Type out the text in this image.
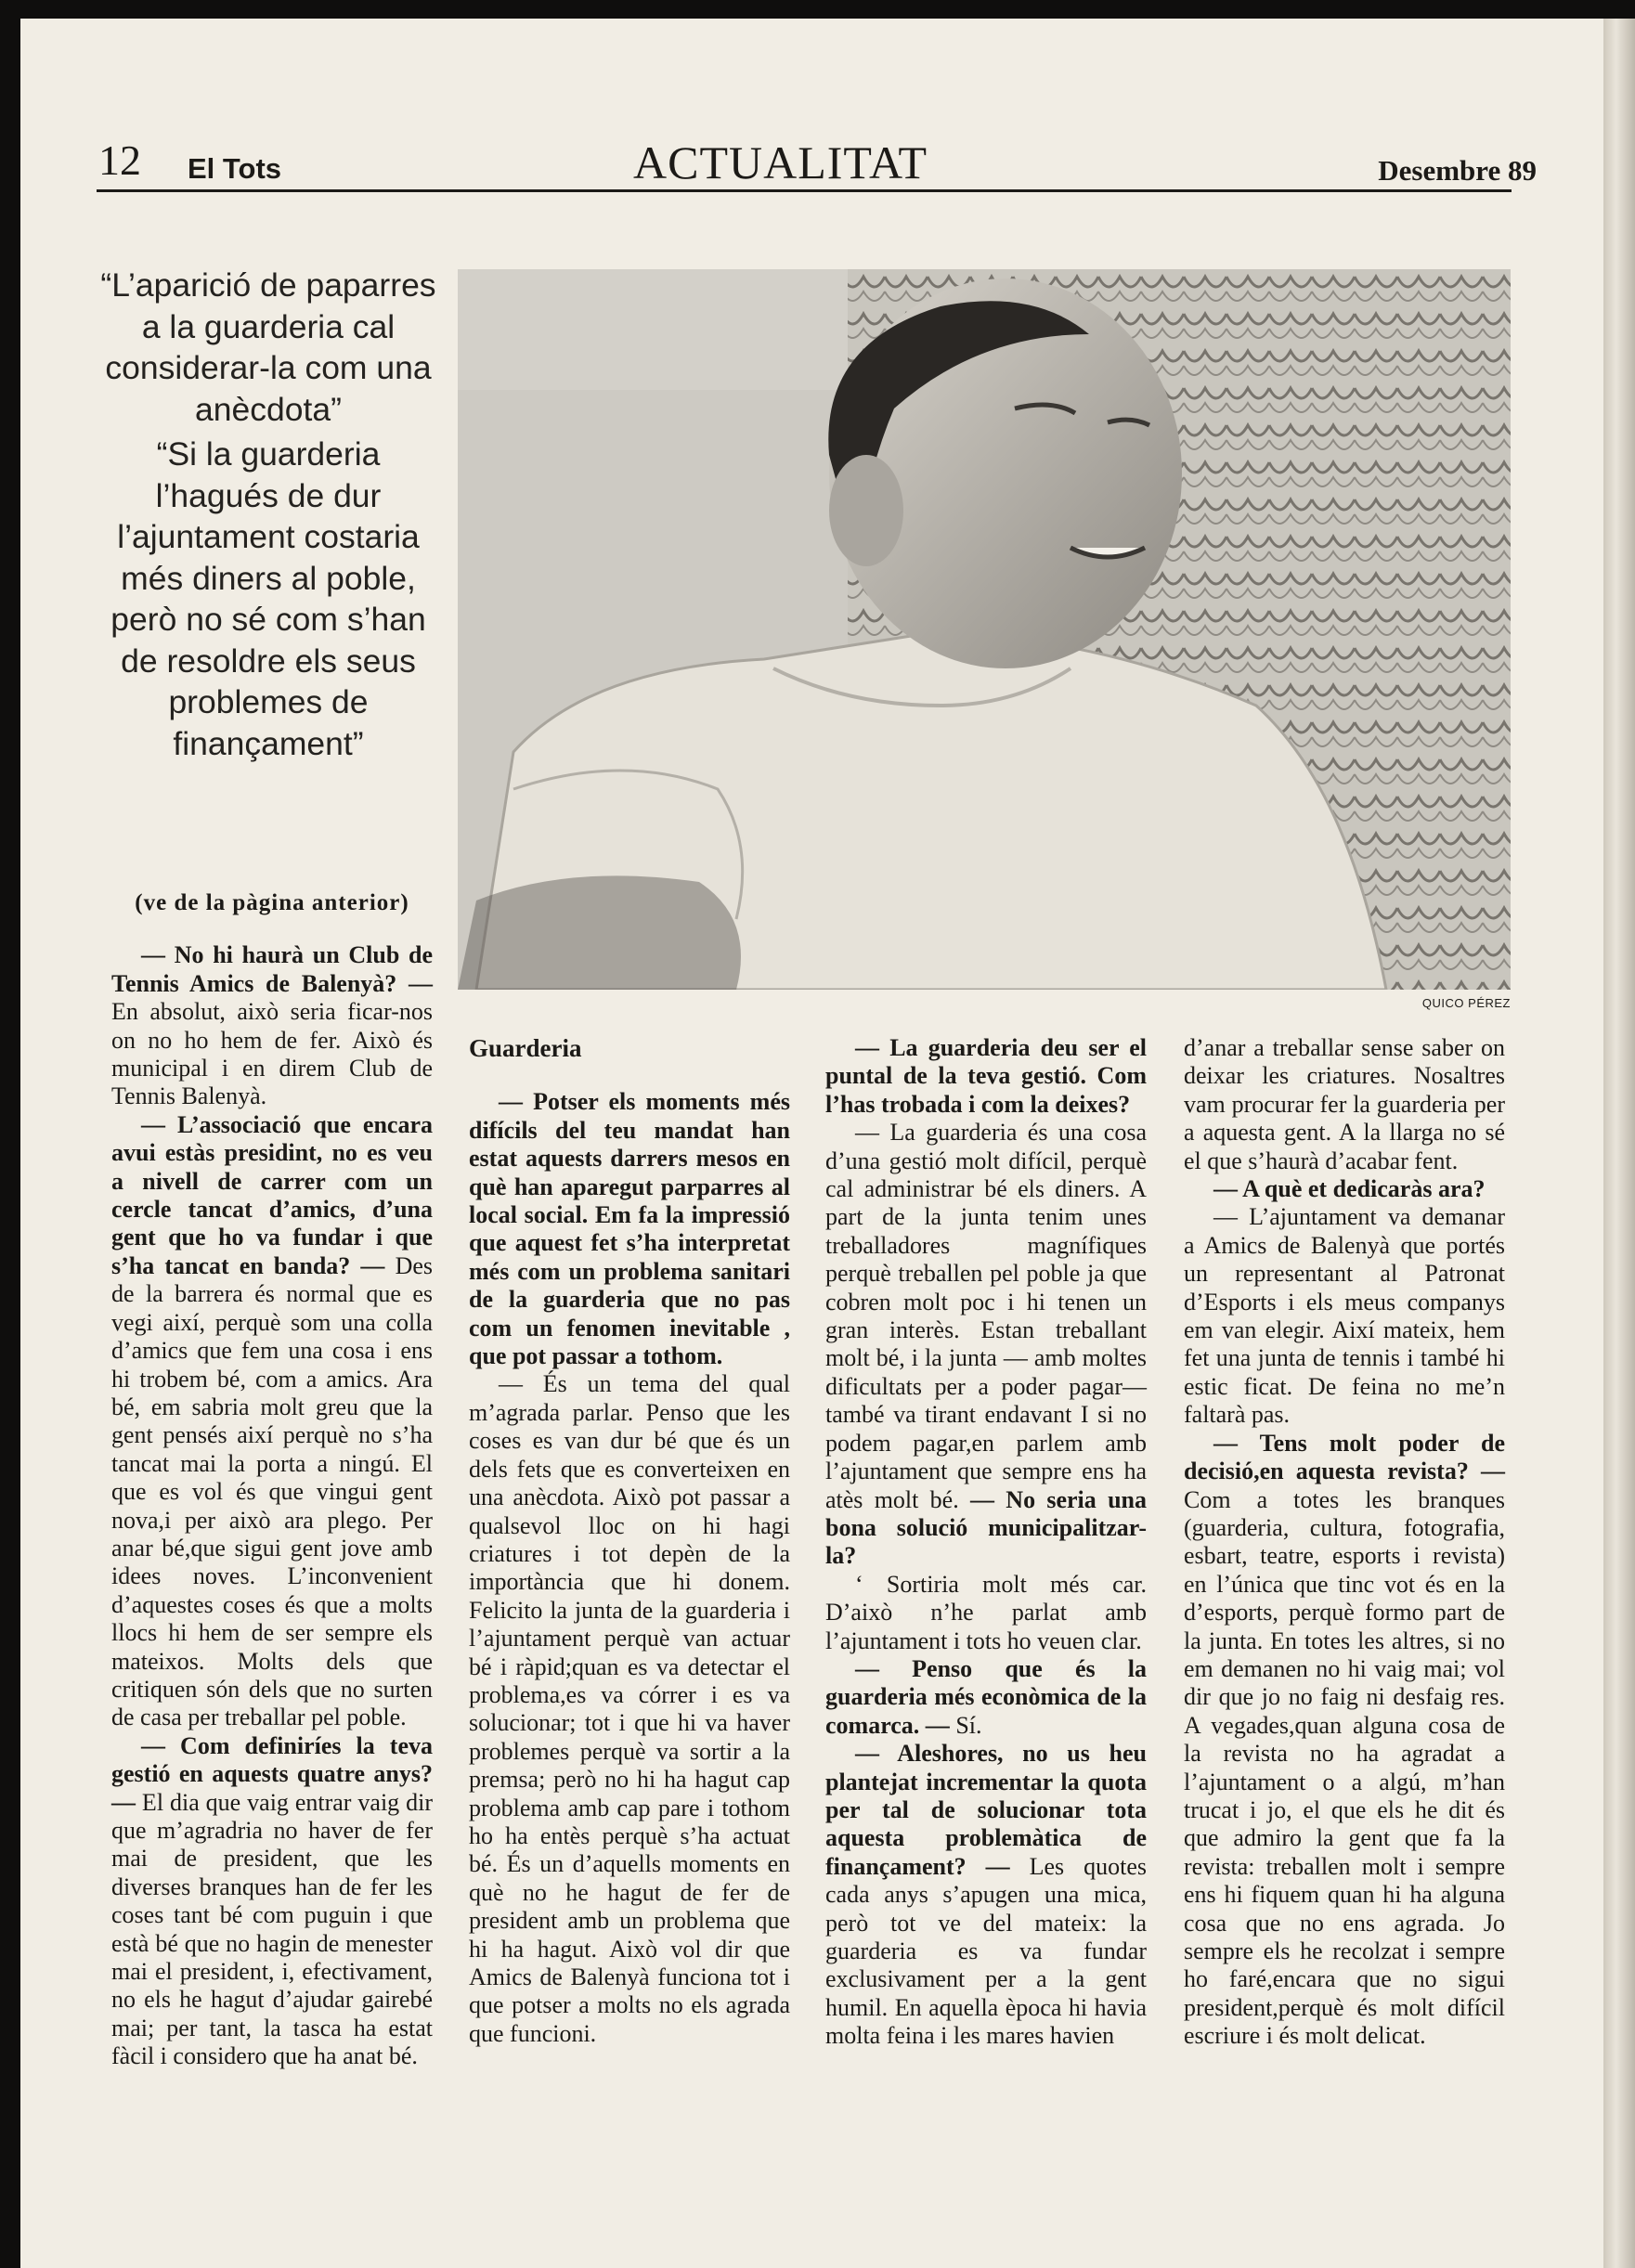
12 El Tots	ACTUALITAT	Desembre 89

“L’aparició de paparres a la guarderia cal considerar-la com una anècdota”

“Si la guarderia l’hagués de dur l’ajuntament costaria més diners al poble, però no sé com s’han de resoldre els seus problemes de finançament”

QUICO PÉREZ

(ve de la pàgina anterior)

— No hi haurà un Club de Tennis Amics de Balenyà? — En absolut, això seria ficar-nos on no ho hem de fer. Això és municipal i en direm Club de Tennis Balenyà.

— L’associació que encara avui estàs presidint, no es veu a nivell de carrer com un cercle tancat d’amics, d’una gent que ho va fundar i que s’ha tancat en banda? — Des de la barrera és normal que es vegi així, perquè som una colla d’amics que fem una cosa i ens hi trobem bé, com a amics. Ara bé, em sabria molt greu que la gent pensés així perquè no s’ha tancat mai la porta a ningú. El que es vol és que vingui gent nova,i per això ara plego. Per anar bé,que sigui gent jove amb idees noves. L’inconvenient d’aquestes coses és que a molts llocs hi hem de ser sempre els mateixos. Molts dels que critiquen són dels que no surten de casa per treballar pel poble.

— Com definiríes la teva gestió en aquests quatre anys? — El dia que vaig entrar vaig dir que m’agradria no haver de fer mai de president, que les diverses branques han de fer les coses tant bé com puguin i que està bé que no hagin de menester mai el president, i, efectivament, no els he hagut d’ajudar gairebé mai; per tant, la tasca ha estat fàcil i considero que ha anat bé.

Guarderia

— Potser els moments més difícils del teu mandat han estat aquests darrers mesos en què han aparegut parparres al local social. Em fa la impressió que aquest fet s’ha interpretat més com un problema sanitari de la guarderia que no pas com un fenomen inevitable , que pot passar a tothom.

— És un tema del qual m’agrada parlar. Penso que les coses es van dur bé que és un dels fets que es converteixen en una anècdota. Això pot passar a qualsevol lloc on hi hagi criatures i tot depèn de la importància que hi donem. Felicito la junta de la guarderia i l’ajuntament perquè van actuar bé i ràpid;quan es va detectar el problema,es va córrer i es va solucionar; tot i que hi va haver problemes perquè va sortir a la premsa; però no hi ha hagut cap problema amb cap pare i tothom ho ha entès perquè s’ha actuat bé. És un d’aquells moments en què no he hagut de fer de president amb un problema que hi ha hagut. Això vol dir que Amics de Balenyà funciona tot i que potser a molts no els agrada que funcioni.

— La guarderia deu ser el puntal de la teva gestió. Com l’has trobada i com la deixes?

— La guarderia és una cosa d’una gestió molt difícil, perquè cal administrar bé els diners. A part de la junta tenim unes treballadores magnífiques perquè treballen pel poble ja que cobren molt poc i hi tenen un gran interès. Estan treballant molt bé, i la junta — amb moltes dificultats per a poder pagar— també va tirant endavant I si no podem pagar,en parlem amb l’ajuntament que sempre ens ha atès molt bé. — No seria una bona solució municipalitzar-la?

‘ Sortiria molt més car. D’això n’he parlat amb l’ajuntament i tots ho veuen clar.

— Penso que és la guarderia més econòmica de la comarca. — Sí.

— Aleshores, no us heu plantejat incrementar la quota per tal de solucionar tota aquesta problemàtica de finançament? — Les quotes cada anys s’apugen una mica, però tot ve del mateix: la guarderia es va fundar exclusivament per a la gent humil. En aquella època hi havia molta feina i les mares havien

d’anar a treballar sense saber on deixar les criatures. Nosaltres vam procurar fer la guarderia per a aquesta gent. A la llarga no sé el que s’haurà d’acabar fent.

— A què et dedicaràs ara?

— L’ajuntament va demanar a Amics de Balenyà que portés un representant al Patronat d’Esports i els meus companys em van elegir. Així mateix, hem fet una junta de tennis i també hi estic ficat. De feina no me’n faltarà pas.

— Tens molt poder de decisió,en aquesta revista? — Com a totes les branques (guarderia, cultura, fotografia, esbart, teatre, esports i revista) en l’única que tinc vot és en la d’esports, perquè formo part de la junta. En totes les altres, si no em demanen no hi vaig mai; vol dir que jo no faig ni desfaig res. A vegades,quan alguna cosa de la revista no ha agradat a l’ajuntament o a algú, m’han trucat i jo, el que els he dit és que admiro la gent que fa la revista: treballen molt i sempre ens hi fiquem quan hi ha alguna cosa que no ens agrada. Jo sempre els he recolzat i sempre ho faré,encara que no sigui president,perquè és molt difícil escriure i és molt delicat.
